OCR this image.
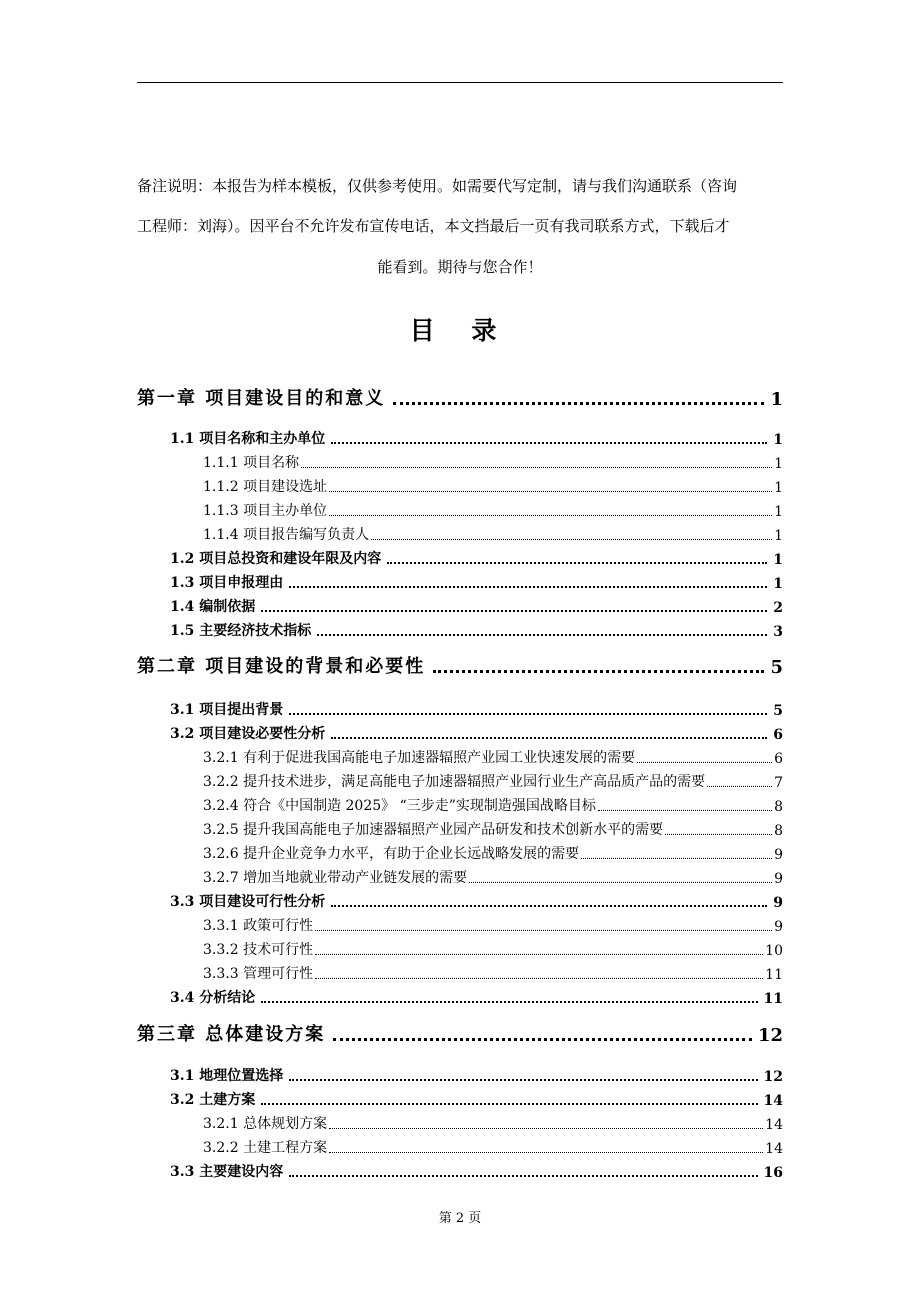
备注说明：本报告为样本模板，仅供参考使用。如需要代写定制，请与我们沟通联系（咨询
工程师：刘海）。因平台不允许发布宣传电话，本文挡最后一页有我司联系方式，下载后才
能看到。期待与您合作！
目 录
第一章 项目建设目的和意义	1
1.1 项目名称和主办单位	1
1.1.1 项目名称	1
1.1.2 项目建设选址	1
1.1.3 项目主办单位	1
1.1.4 项目报告编写负责人	1
1.2 项目总投资和建设年限及内容	1
1.3 项目申报理由	1
1.4 编制依据	2
1.5 主要经济技术指标	3
第二章 项目建设的背景和必要性	5
3.1 项目提出背景	5
3.2 项目建设必要性分析	6
3.2.1 有利于促进我国高能电子加速器辐照产业园工业快速发展的需要	6
3.2.2 提升技术进步，满足高能电子加速器辐照产业园行业生产高品质产品的需要	7
3.2.4 符合《中国制造 2025》 “三步走”实现制造强国战略目标	8
3.2.5 提升我国高能电子加速器辐照产业园产品研发和技术创新水平的需要	8
3.2.6 提升企业竞争力水平，有助于企业长远战略发展的需要	9
3.2.7 增加当地就业带动产业链发展的需要	9
3.3 项目建设可行性分析	9
3.3.1 政策可行性	9
3.3.2 技术可行性	10
3.3.3 管理可行性	11
3.4 分析结论	11
第三章 总体建设方案	12
3.1 地理位置选择	12
3.2 土建方案	14
3.2.1 总体规划方案	14
3.2.2 土建工程方案	14
3.3 主要建设内容	16
第 2 页
